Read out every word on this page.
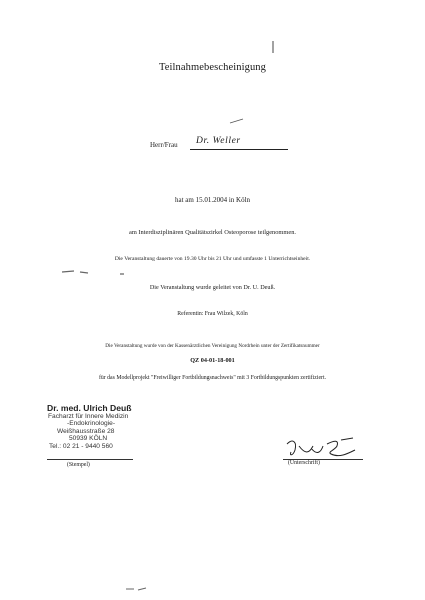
Teilnahmebescheinigung
Herr/Frau Dr. Weller
hat am 15.01.2004 in Köln
am Interdisziplinären Qualitätszirkel Osteoporose teilgenommen.
Die Veranstaltung dauerte von 19.30 Uhr bis 21 Uhr und umfasste 1 Unterrichtseinheit.
Die Veranstaltung wurde geleitet von Dr. U. Deuß.
Referentin: Frau Wilzek, Köln
Die Veranstaltung wurde von der Kassenärztlichen Vereinigung Nordrhein unter der Zertifikatsnummer
QZ 04-01-18-001
für das Modellprojekt "Freiwilliger Fortbildungsnachweis" mit 3 Fortbildungspunkten zertifiziert.
Dr. med. Ulrich Deuß
Facharzt für Innere Medizin
-Endokrinologie-
Weißhausstraße 28
50939 KÖLN
Tel.: 02 21 - 9440 560
(Stempel)	(Unterschrift)
